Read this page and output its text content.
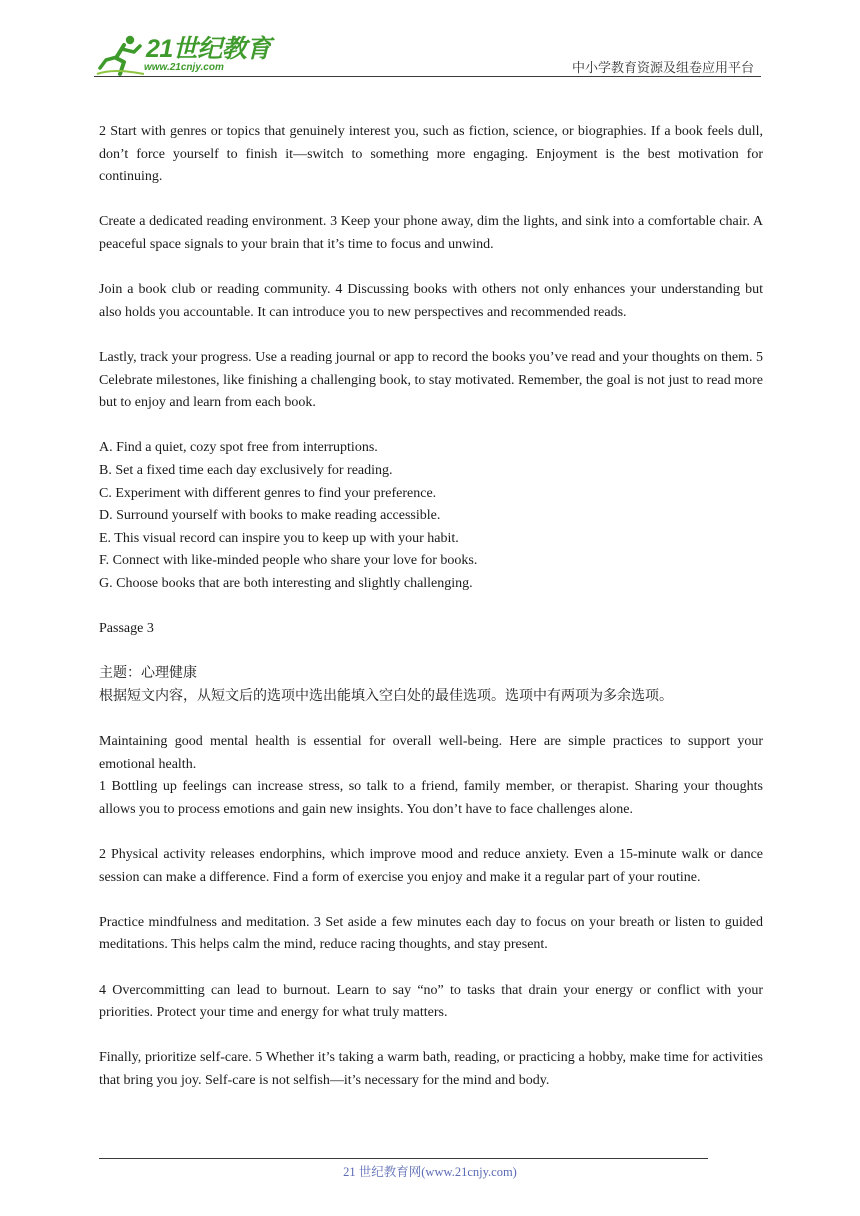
21世纪教育
www.21cnjy.com	中小学教育资源及组卷应用平台

2 Start with genres or topics that genuinely interest you, such as fiction, science, or biographies. If a book feels dull, don’t force yourself to finish it—switch to something more engaging. Enjoyment is the best motivation for continuing.

Create a dedicated reading environment. 3 Keep your phone away, dim the lights, and sink into a comfortable chair. A peaceful space signals to your brain that it’s time to focus and unwind.

Join a book club or reading community. 4 Discussing books with others not only enhances your understanding but also holds you accountable. It can introduce you to new perspectives and recommended reads.

Lastly, track your progress. Use a reading journal or app to record the books you’ve read and your thoughts on them. 5 Celebrate milestones, like finishing a challenging book, to stay motivated. Remember, the goal is not just to read more but to enjoy and learn from each book.

A. Find a quiet, cozy spot free from interruptions.
B. Set a fixed time each day exclusively for reading.
C. Experiment with different genres to find your preference.
D. Surround yourself with books to make reading accessible.
E. This visual record can inspire you to keep up with your habit.
F. Connect with like-minded people who share your love for books.
G. Choose books that are both interesting and slightly challenging.

Passage 3

主题：心理健康

根据短文内容，从短文后的选项中选出能填入空白处的最佳选项。选项中有两项为多余选项。

Maintaining good mental health is essential for overall well-being. Here are simple practices to support your emotional health.

1 Bottling up feelings can increase stress, so talk to a friend, family member, or therapist. Sharing your thoughts allows you to process emotions and gain new insights. You don’t have to face challenges alone.

2 Physical activity releases endorphins, which improve mood and reduce anxiety. Even a 15-minute walk or dance session can make a difference. Find a form of exercise you enjoy and make it a regular part of your routine.

Practice mindfulness and meditation. 3 Set aside a few minutes each day to focus on your breath or listen to guided meditations. This helps calm the mind, reduce racing thoughts, and stay present.

4 Overcommitting can lead to burnout. Learn to say “no” to tasks that drain your energy or conflict with your priorities. Protect your time and energy for what truly matters.

Finally, prioritize self-care. 5 Whether it’s taking a warm bath, reading, or practicing a hobby, make time for activities that bring you joy. Self-care is not selfish—it’s necessary for the mind and body.

21 世纪教育网(www.21cnjy.com)
